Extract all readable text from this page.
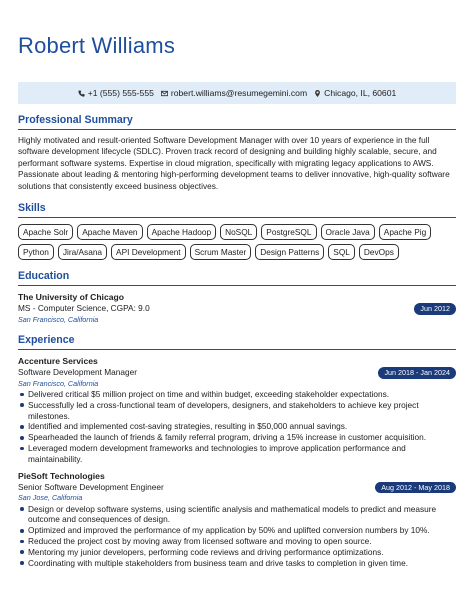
Robert Williams
+1 (555) 555-555 robert.williams@resumegemini.com Chicago, IL, 60601
Professional Summary

Highly motivated and result-oriented Software Development Manager with over 10 years of experience in the full software development lifecycle (SDLC). Proven track record of designing and building highly scalable, secure, and performant software systems. Expertise in cloud migration, specifically with migrating legacy applications to AWS. Passionate about leading & mentoring high-performing development teams to deliver innovative, high-quality software solutions that consistently exceed business objectives.

Skills
Apache Solr	Apache Maven	Apache Hadoop	NoSQL	PostgreSQL	Oracle Java	Apache Pig
Python	Jira/Asana	API Development	Scrum Master	Design Patterns	SQL	DevOps
Education
The University of Chicago
MS - Computer Science, CGPA: 9.0	Jun 2012
San Francisco, California
Experience
Accenture Services
Software Development Manager	Jun 2018 - Jan 2024
San Francisco, California
Delivered critical $5 million project on time and within budget, exceeding stakeholder expectations.
Successfully led a cross-functional team of developers, designers, and stakeholders to achieve key project milestones.
Identified and implemented cost-saving strategies, resulting in $50,000 annual savings.
Spearheaded the launch of friends & family referral program, driving a 15% increase in customer acquisition.
Leveraged modern development frameworks and technologies to improve application performance and maintainability.
PieSoft Technologies
Senior Software Development Engineer	Aug 2012 - May 2018
San Jose, California
Design or develop software systems, using scientific analysis and mathematical models to predict and measure outcome and consequences of design.
Optimized and improved the performance of my application by 50% and uplifted conversion numbers by 10%.
Reduced the project cost by moving away from licensed software and moving to open source.
Mentoring my junior developers, performing code reviews and driving performance optimizations.
Coordinating with multiple stakeholders from business team and drive tasks to completion in given time.
